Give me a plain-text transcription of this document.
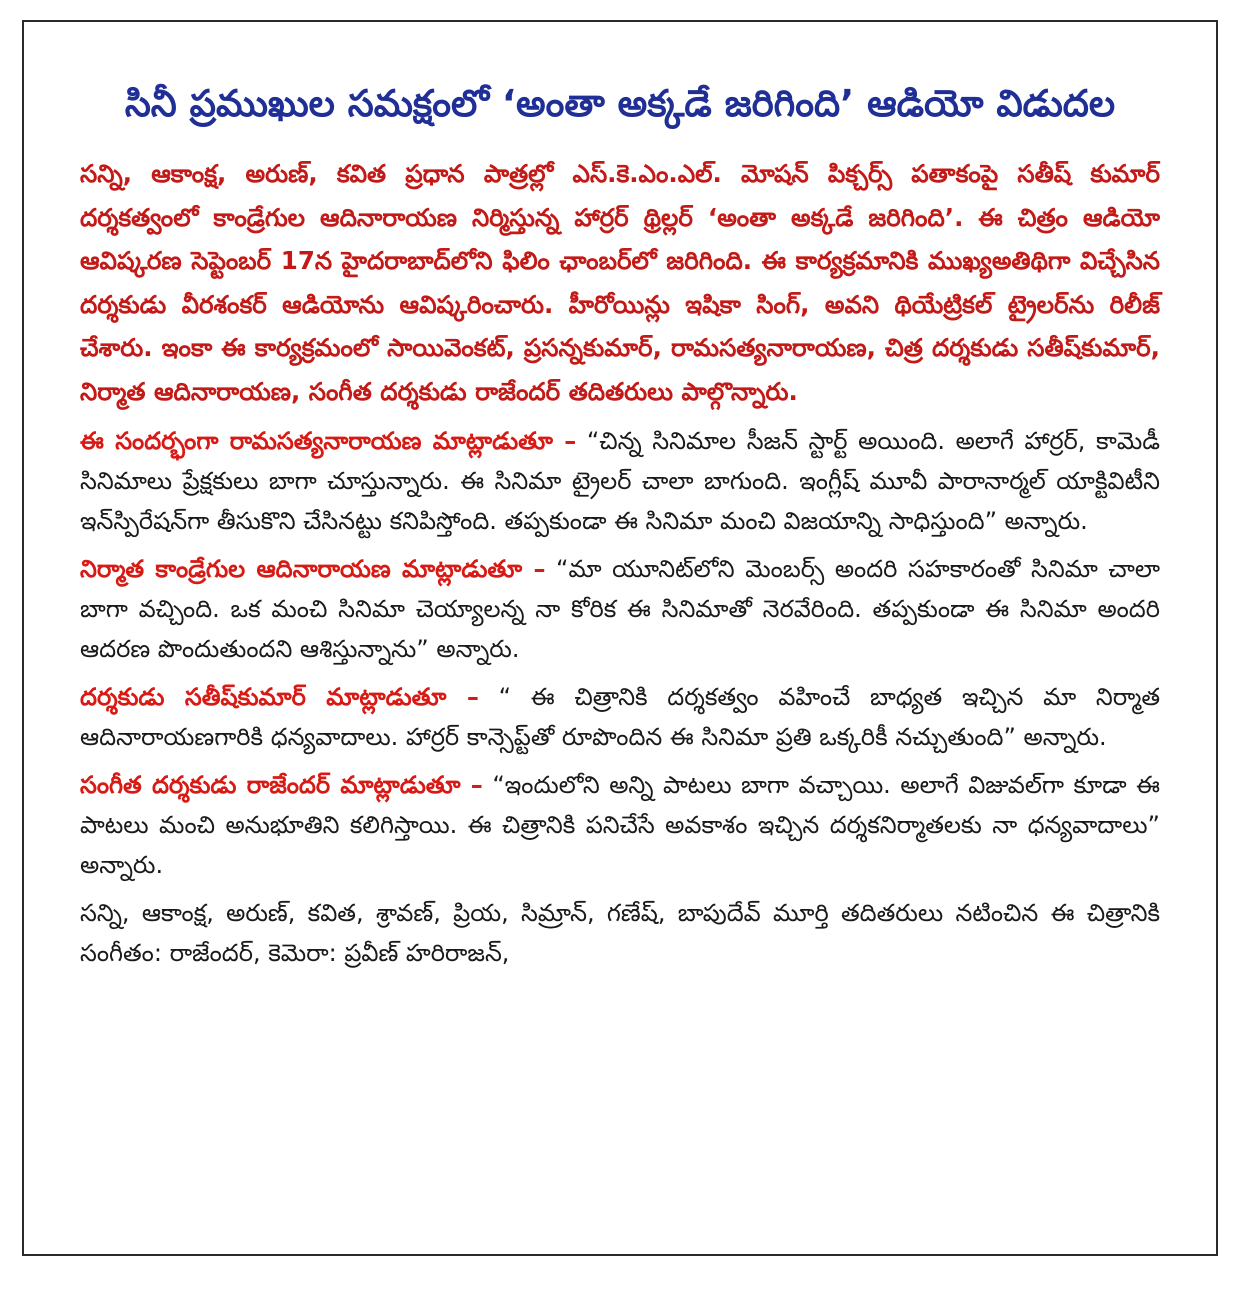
సినీ ప్రముఖుల సమక్షంలో ‘అంతా అక్కడే జరిగింది’ ఆడియో విడుదల

సన్ని, ఆకాంక్ష, అరుణ్, కవిత ప్రధాన పాత్రల్లో ఎస్.కె.ఎం.ఎల్. మోషన్ పిక్చర్స్ పతాకంపై సతీష్ కుమార్ దర్శకత్వంలో కాండ్రేగుల ఆదినారాయణ నిర్మిస్తున్న హార్రర్ థ్రిల్లర్ ‘అంతా అక్కడే జరిగింది’. ఈ చిత్రం ఆడియో ఆవిష్కరణ సెప్టెంబర్ 17న హైదరాబాద్‌లోని ఫిలిం ఛాంబర్‌లో జరిగింది. ఈ కార్యక్రమానికి ముఖ్యఅతిథిగా విచ్చేసిన దర్శకుడు వీరశంకర్ ఆడియోను ఆవిష్కరించారు. హీరోయిన్లు ఇషికా సింగ్, అవని థియేట్రికల్ ట్రైలర్‌ను రిలీజ్ చేశారు. ఇంకా ఈ కార్యక్రమంలో సాయివెంకట్, ప్రసన్నకుమార్, రామసత్యనారాయణ, చిత్ర దర్శకుడు సతీష్‌కుమార్, నిర్మాత ఆదినారాయణ, సంగీత దర్శకుడు రాజేందర్ తదితరులు పాల్గొన్నారు.

ఈ సందర్భంగా రామసత్యనారాయణ మాట్లాడుతూ – “చిన్న సినిమాల సీజన్ స్టార్ట్ అయింది. అలాగే హార్రర్, కామెడీ సినిమాలు ప్రేక్షకులు బాగా చూస్తున్నారు. ఈ సినిమా ట్రైలర్ చాలా బాగుంది. ఇంగ్లీష్ మూవీ పారానార్మల్ యాక్టివిటీని ఇన్‌స్పిరేషన్‌గా తీసుకొని చేసినట్టు కనిపిస్తోంది. తప్పకుండా ఈ సినిమా మంచి విజయాన్ని సాధిస్తుంది” అన్నారు.

నిర్మాత కాండ్రేగుల ఆదినారాయణ మాట్లాడుతూ – “మా యూనిట్‌లోని మెంబర్స్ అందరి సహకారంతో సినిమా చాలా బాగా వచ్చింది. ఒక మంచి సినిమా చెయ్యాలన్న నా కోరిక ఈ సినిమాతో నెరవేరింది. తప్పకుండా ఈ సినిమా అందరి ఆదరణ పొందుతుందని ఆశిస్తున్నాను” అన్నారు.

దర్శకుడు సతీష్‌కుమార్ మాట్లాడుతూ – “ ఈ చిత్రానికి దర్శకత్వం వహించే బాధ్యత ఇచ్చిన మా నిర్మాత ఆదినారాయణగారికి ధన్యవాదాలు. హార్రర్ కాన్సెప్ట్‌తో రూపొందిన ఈ సినిమా ప్రతి ఒక్కరికీ నచ్చుతుంది” అన్నారు.

సంగీత దర్శకుడు రాజేందర్ మాట్లాడుతూ – “ఇందులోని అన్ని పాటలు బాగా వచ్చాయి. అలాగే విజువల్‌గా కూడా ఈ పాటలు మంచి అనుభూతిని కలిగిస్తాయి. ఈ చిత్రానికి పనిచేసే అవకాశం ఇచ్చిన దర్శకనిర్మాతలకు నా ధన్యవాదాలు” అన్నారు.

సన్ని, ఆకాంక్ష, అరుణ్, కవిత, శ్రావణ్, ప్రియ, సిమ్రాన్, గణేష్, బాపుదేవ్ మూర్తి తదితరులు నటించిన ఈ చిత్రానికి సంగీతం: రాజేందర్, కెమెరా: ప్రవీణ్ హరిరాజన్,
